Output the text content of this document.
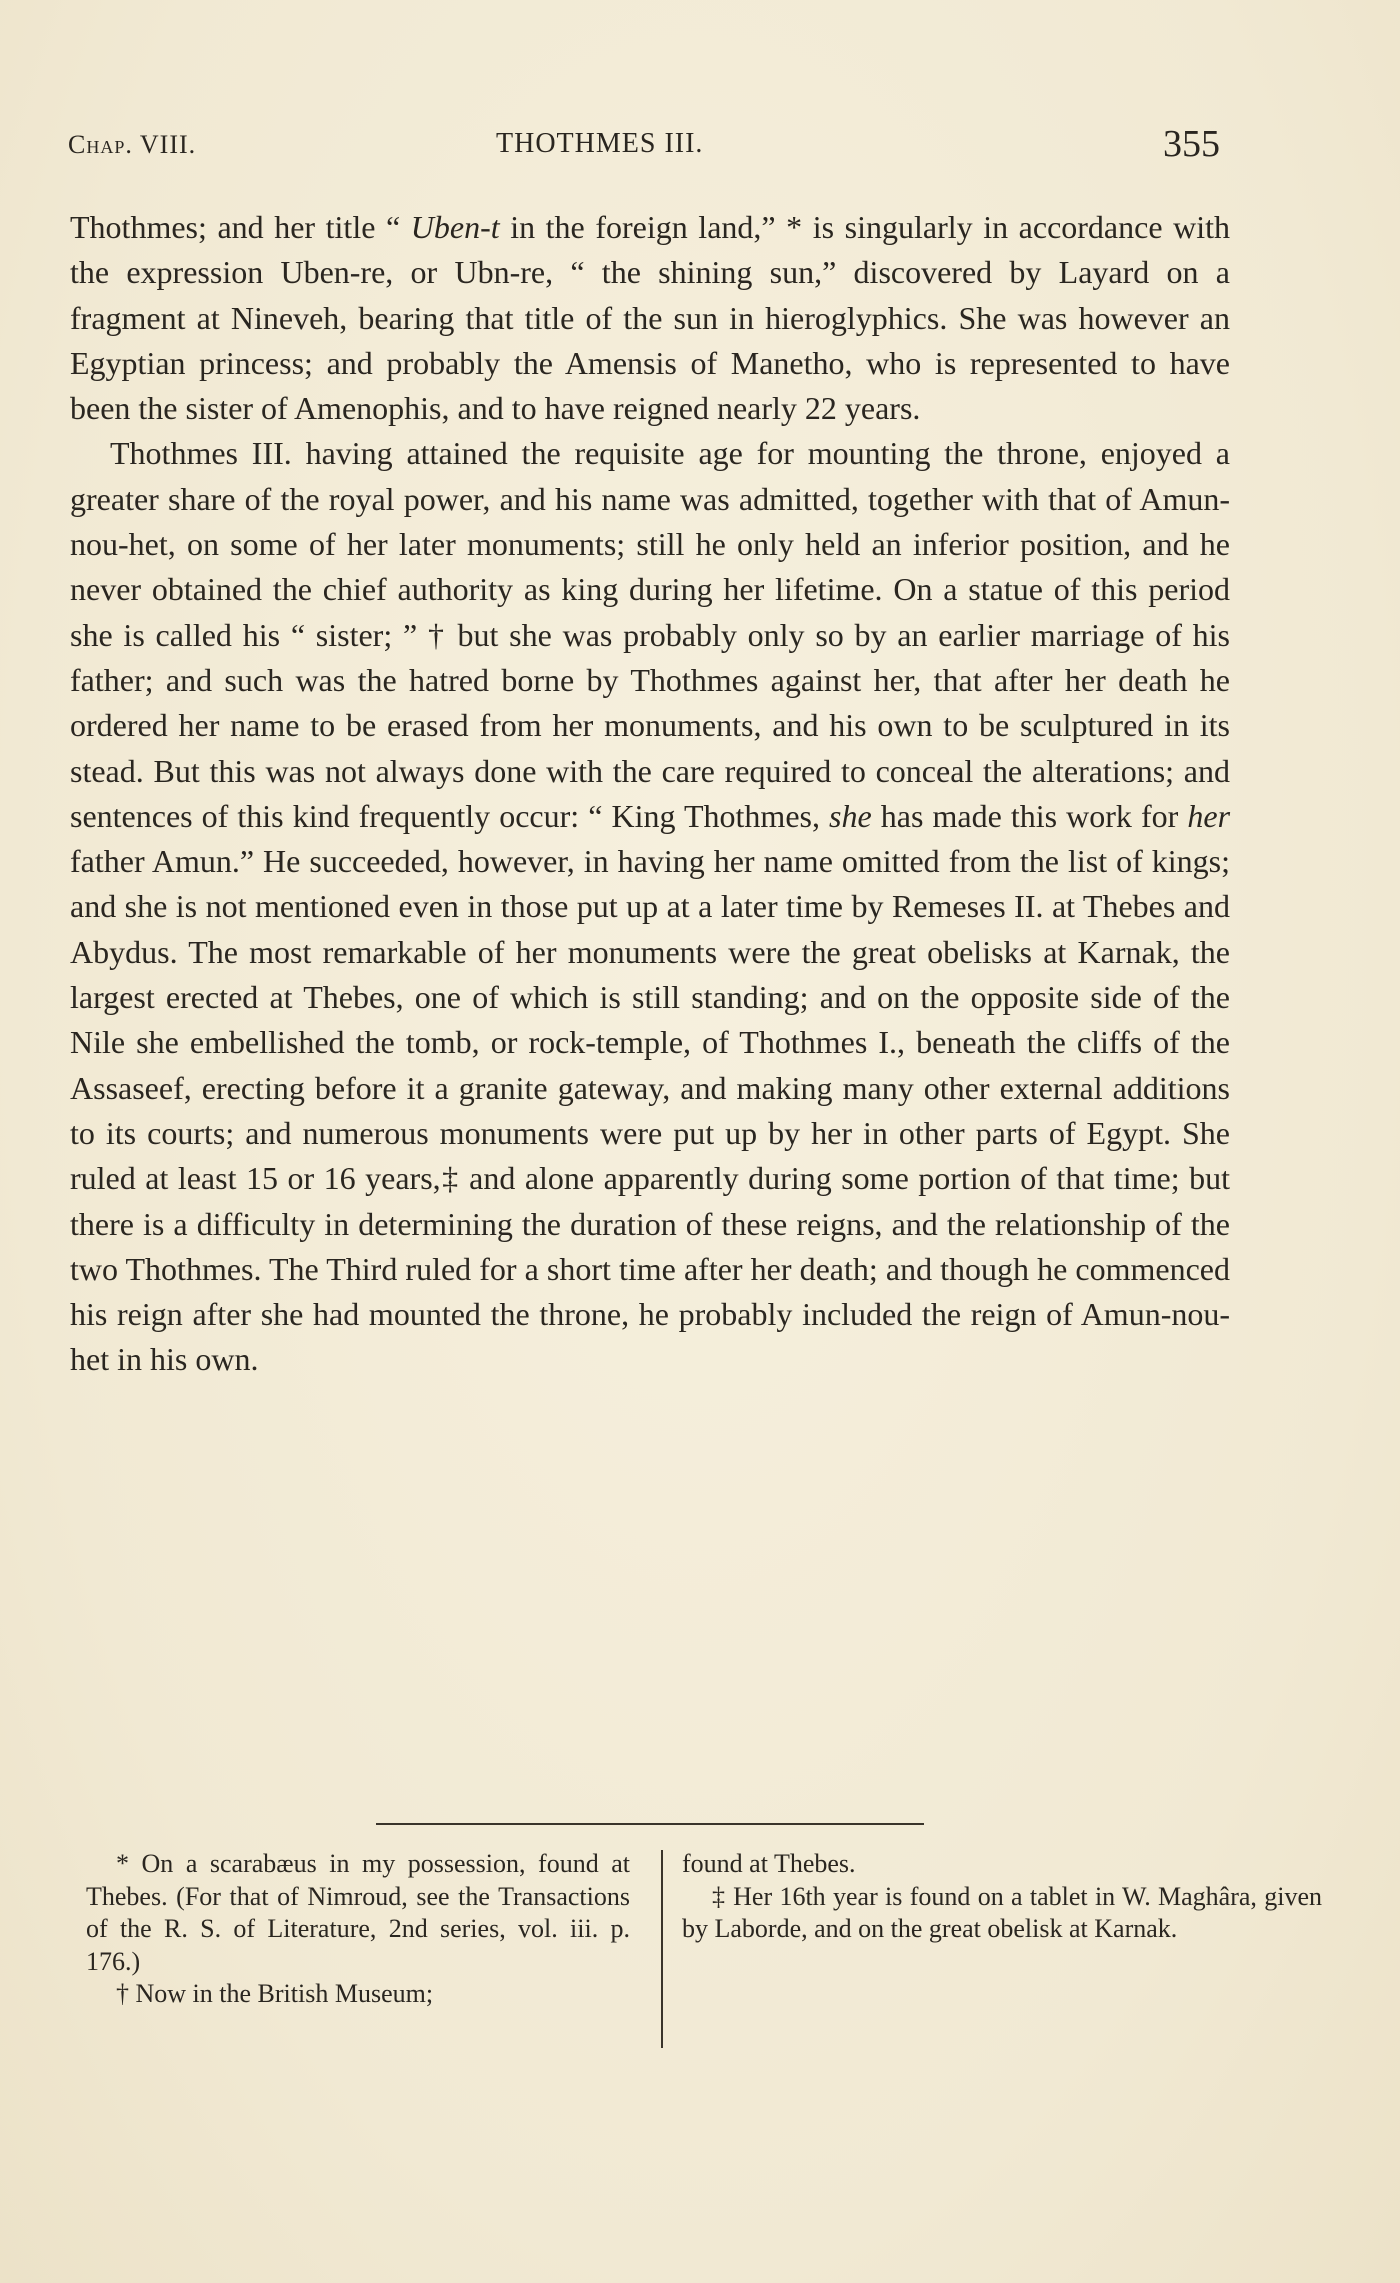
Chap. VIII.	THOTHMES III.	355

Thothmes; and her title “ Uben-t in the foreign land,” * is singularly in accordance with the expression Uben-re, or Ubn-re, “ the shining sun,” discovered by Layard on a fragment at Nineveh, bearing that title of the sun in hieroglyphics. She was however an Egyptian princess; and probably the Amensis of Manetho, who is represented to have been the sister of Amenophis, and to have reigned nearly 22 years.

Thothmes III. having attained the requisite age for mounting the throne, enjoyed a greater share of the royal power, and his name was admitted, together with that of Amun-nou-het, on some of her later monuments; still he only held an inferior position, and he never obtained the chief authority as king during her lifetime. On a statue of this period she is called his “ sister; ” † but she was probably only so by an earlier marriage of his father; and such was the hatred borne by Thothmes against her, that after her death he ordered her name to be erased from her monuments, and his own to be sculptured in its stead. But this was not always done with the care required to conceal the alterations; and sentences of this kind frequently occur: “ King Thothmes, she has made this work for her father Amun.” He succeeded, however, in having her name omitted from the list of kings; and she is not mentioned even in those put up at a later time by Remeses II. at Thebes and Abydus. The most remarkable of her monuments were the great obelisks at Karnak, the largest erected at Thebes, one of which is still standing; and on the opposite side of the Nile she embellished the tomb, or rock-temple, of Thothmes I., beneath the cliffs of the Assaseef, erecting before it a granite gateway, and making many other external additions to its courts; and numerous monuments were put up by her in other parts of Egypt. She ruled at least 15 or 16 years,‡ and alone apparently during some portion of that time; but there is a difficulty in determining the duration of these reigns, and the relationship of the two Thothmes. The Third ruled for a short time after her death; and though he commenced his reign after she had mounted the throne, he probably included the reign of Amun-nou-het in his own.

* On a scarabæus in my possession, found at Thebes. (For that of Nimroud, see the Transactions of the R. S. of Literature, 2nd series, vol. iii. p. 176.)

† Now in the British Museum;

found at Thebes.

‡ Her 16th year is found on a tablet in W. Maghâra, given by Laborde, and on the great obelisk at Karnak.
